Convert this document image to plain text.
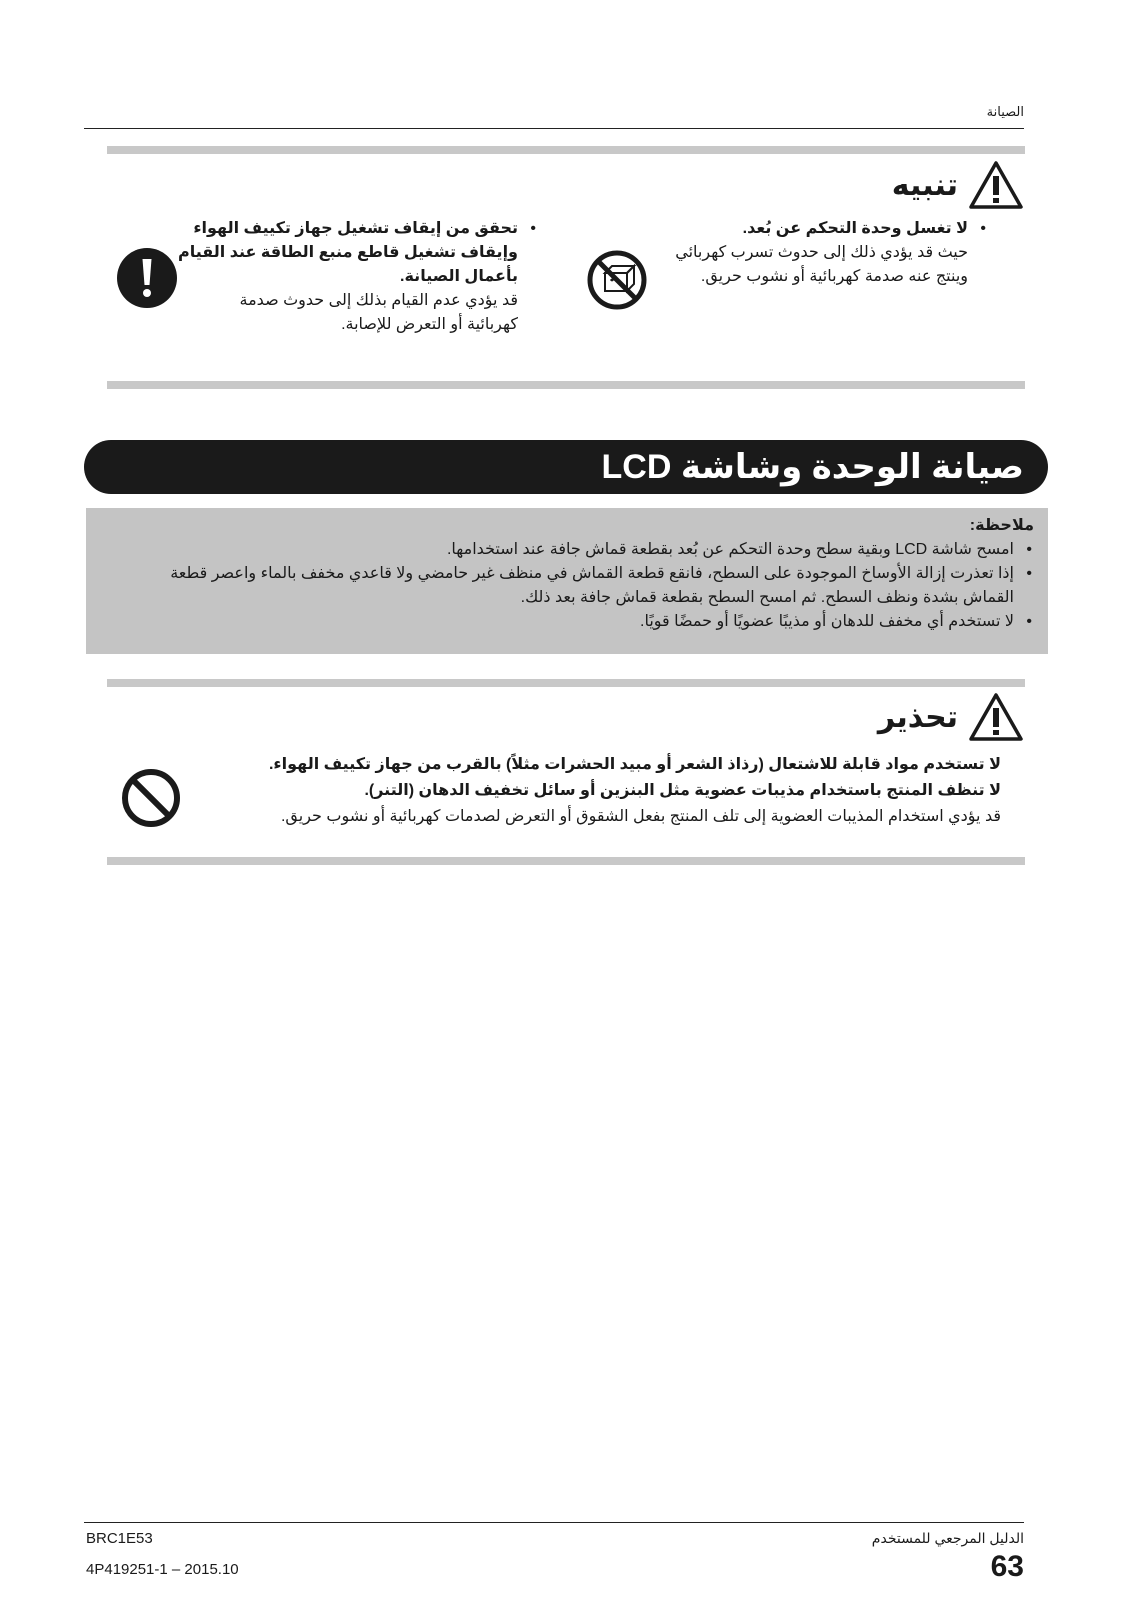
الصيانة
تنبيه
• لا تغسل وحدة التحكم عن بُعد.
حيث قد يؤدي ذلك إلى حدوث تسرب كهربائي
وينتج عنه صدمة كهربائية أو نشوب حريق.
• تحقق من إيقاف تشغيل جهاز تكييف الهواء
وإيقاف تشغيل قاطع منبع الطاقة عند القيام
بأعمال الصيانة.
قد يؤدي عدم القيام بذلك إلى حدوث صدمة
كهربائية أو التعرض للإصابة.
صيانة الوحدة وشاشة LCD
ملاحظة:
• امسح شاشة LCD وبقية سطح وحدة التحكم عن بُعد بقطعة قماش جافة عند استخدامها.
• إذا تعذرت إزالة الأوساخ الموجودة على السطح، فانقع قطعة القماش في منظف غير حامضي ولا قاعدي مخفف بالماء واعصر قطعة
القماش بشدة ونظف السطح. ثم امسح السطح بقطعة قماش جافة بعد ذلك.
• لا تستخدم أي مخفف للدهان أو مذيبًا عضويًا أو حمضًا قويًا.
تحذير
لا تستخدم مواد قابلة للاشتعال (رذاذ الشعر أو مبيد الحشرات مثلاً) بالقرب من جهاز تكييف الهواء.
لا تنظف المنتج باستخدام مذيبات عضوية مثل البنزين أو سائل تخفيف الدهان (التنر).
قد يؤدي استخدام المذيبات العضوية إلى تلف المنتج بفعل الشقوق أو التعرض لصدمات كهربائية أو نشوب حريق.
BRC1E53
4P419251-1 – 2015.10
الدليل المرجعي للمستخدم
63
